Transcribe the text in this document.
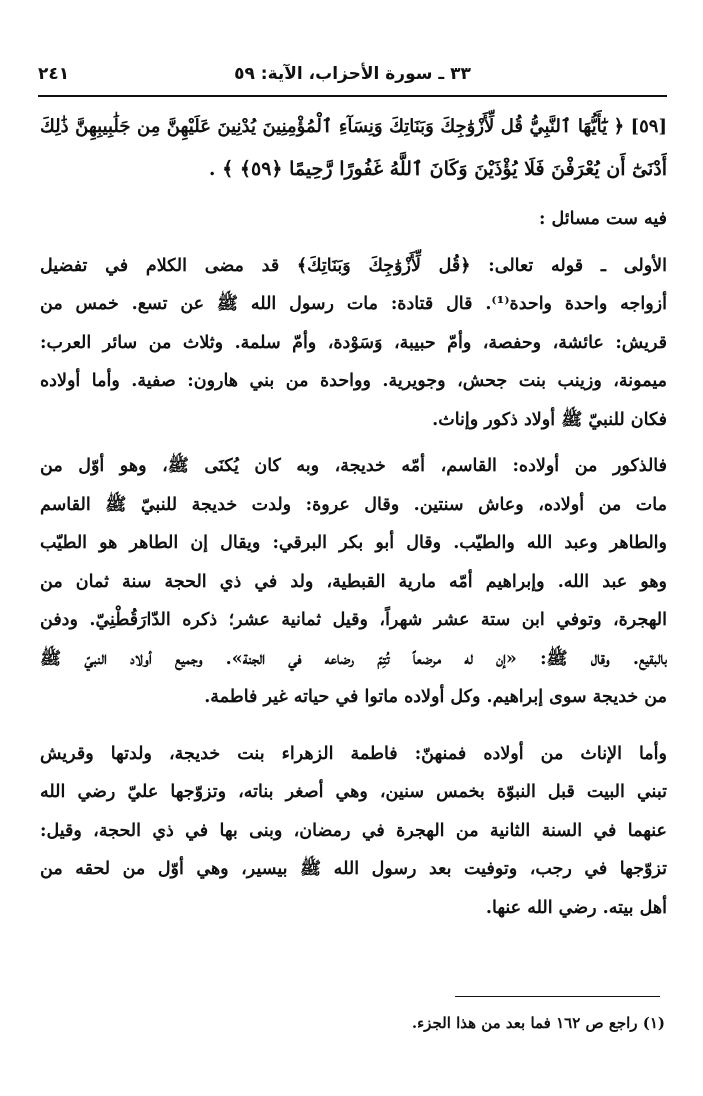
٣٣ ـ سورة الأحزاب، الآية: ٥٩
٢٤١
[٥٩] ﴿ يَٰٓأَيُّهَا ٱلنَّبِيُّ قُل لِّأَزْوَٰجِكَ وَبَنَاتِكَ وَنِسَآءِ ٱلْمُؤْمِنِينَ يُدْنِينَ عَلَيْهِنَّ مِن جَلَٰبِيبِهِنَّ ذَٰلِكَ
أَدْنَىٰٓ أَن يُعْرَفْنَ فَلَا يُؤْذَيْنَ وَكَانَ ٱللَّهُ غَفُورًا رَّحِيمًا ﴿٥٩﴾ ﴾ .
فيه ست مسائل :
الأولى ـ قوله تعالى: ﴿قُل لِّأَزْوَٰجِكَ وَبَنَاتِكَ﴾ قد مضى الكلام في تفضيل
أزواجه واحدة واحدة⁽¹⁾. قال قتادة: مات رسول الله ﷺ عن تسع. خمس من
قريش: عائشة، وحفصة، وأمّ حبيبة، وَسَوْدة، وأمّ سلمة. وثلاث من سائر العرب:
ميمونة، وزينب بنت جحش، وجويرية. وواحدة من بني هارون: صفية. وأما أولاده
فكان للنبيّ ﷺ أولاد ذكور وإناث.
فالذكور من أولاده: القاسم، أمّه خديجة، وبه كان يُكنَى ﷺ، وهو أوّل من
مات من أولاده، وعاش سنتين. وقال عروة: ولدت خديجة للنبيّ ﷺ القاسم
والطاهر وعبد الله والطيّب. وقال أبو بكر البرقي: ويقال إن الطاهر هو الطيّب
وهو عبد الله. وإبراهيم أمّه مارية القبطية، ولد في ذي الحجة سنة ثمان من
الهجرة، وتوفي ابن ستة عشر شهراً، وقيل ثمانية عشر؛ ذكره الدّارَقُطْنِيّ. ودفن
بالبقيع. وقال ﷺ: «إن له مرضعاً تُتِمّ رضاعه في الجنة». وجميع أولاد النبيّ ﷺ
من خديجة سوى إبراهيم. وكل أولاده ماتوا في حياته غير فاطمة.
وأما الإناث من أولاده فمنهنّ: فاطمة الزهراء بنت خديجة، ولدتها وقريش
تبني البيت قبل النبوّة بخمس سنين، وهي أصغر بناته، وتزوّجها عليّ رضي الله
عنهما في السنة الثانية من الهجرة في رمضان، وبنى بها في ذي الحجة، وقيل:
تزوّجها في رجب، وتوفيت بعد رسول الله ﷺ بيسير، وهي أوّل من لحقه من
أهل بيته. رضي الله عنها.
(١) راجع ص ١٦٢ فما بعد من هذا الجزء.
